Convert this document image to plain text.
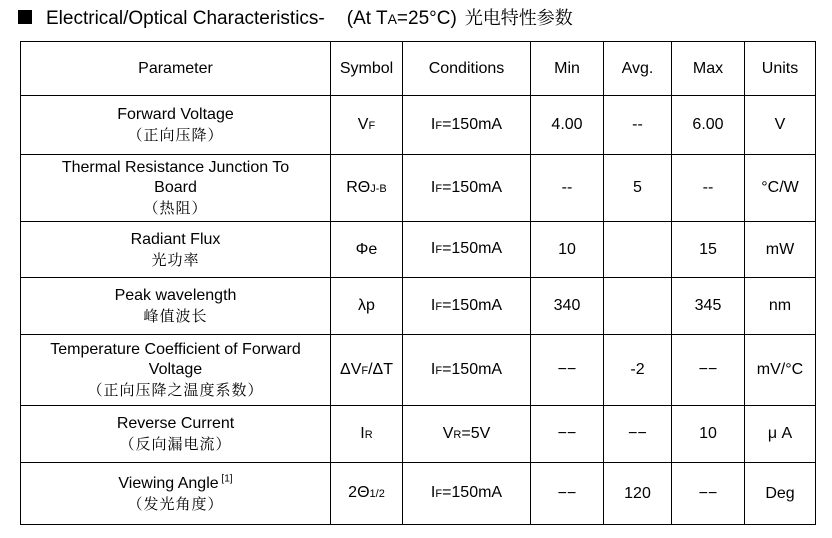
Electrical/Optical Characteristics- (At TA=25°C) 光电特性参数
Parameter	Symbol	Conditions	Min	Avg.	Max	Units

Forward Voltage
（正向压降）	VF	IF=150mA	4.00	--	6.00	V

Thermal Resistance Junction To
Board
（热阻）	RΘJ-B	IF=150mA	--	5	--	°C/W

Radiant Flux
光功率	Φe	IF=150mA	10		15	mW

Peak wavelength
峰值波长	λp	IF=150mA	340		345	nm

Temperature Coefficient of Forward
Voltage
（正向压降之温度系数）	ΔVF/ΔT	IF=150mA	−−	-2	−−	mV/°C

Reverse Current
（反向漏电流）	IR	VR=5V	−−	−−	10	μ A

Viewing Angle [1]
（发光角度）	2Θ1/2	IF=150mA	−−	120	−−	Deg
